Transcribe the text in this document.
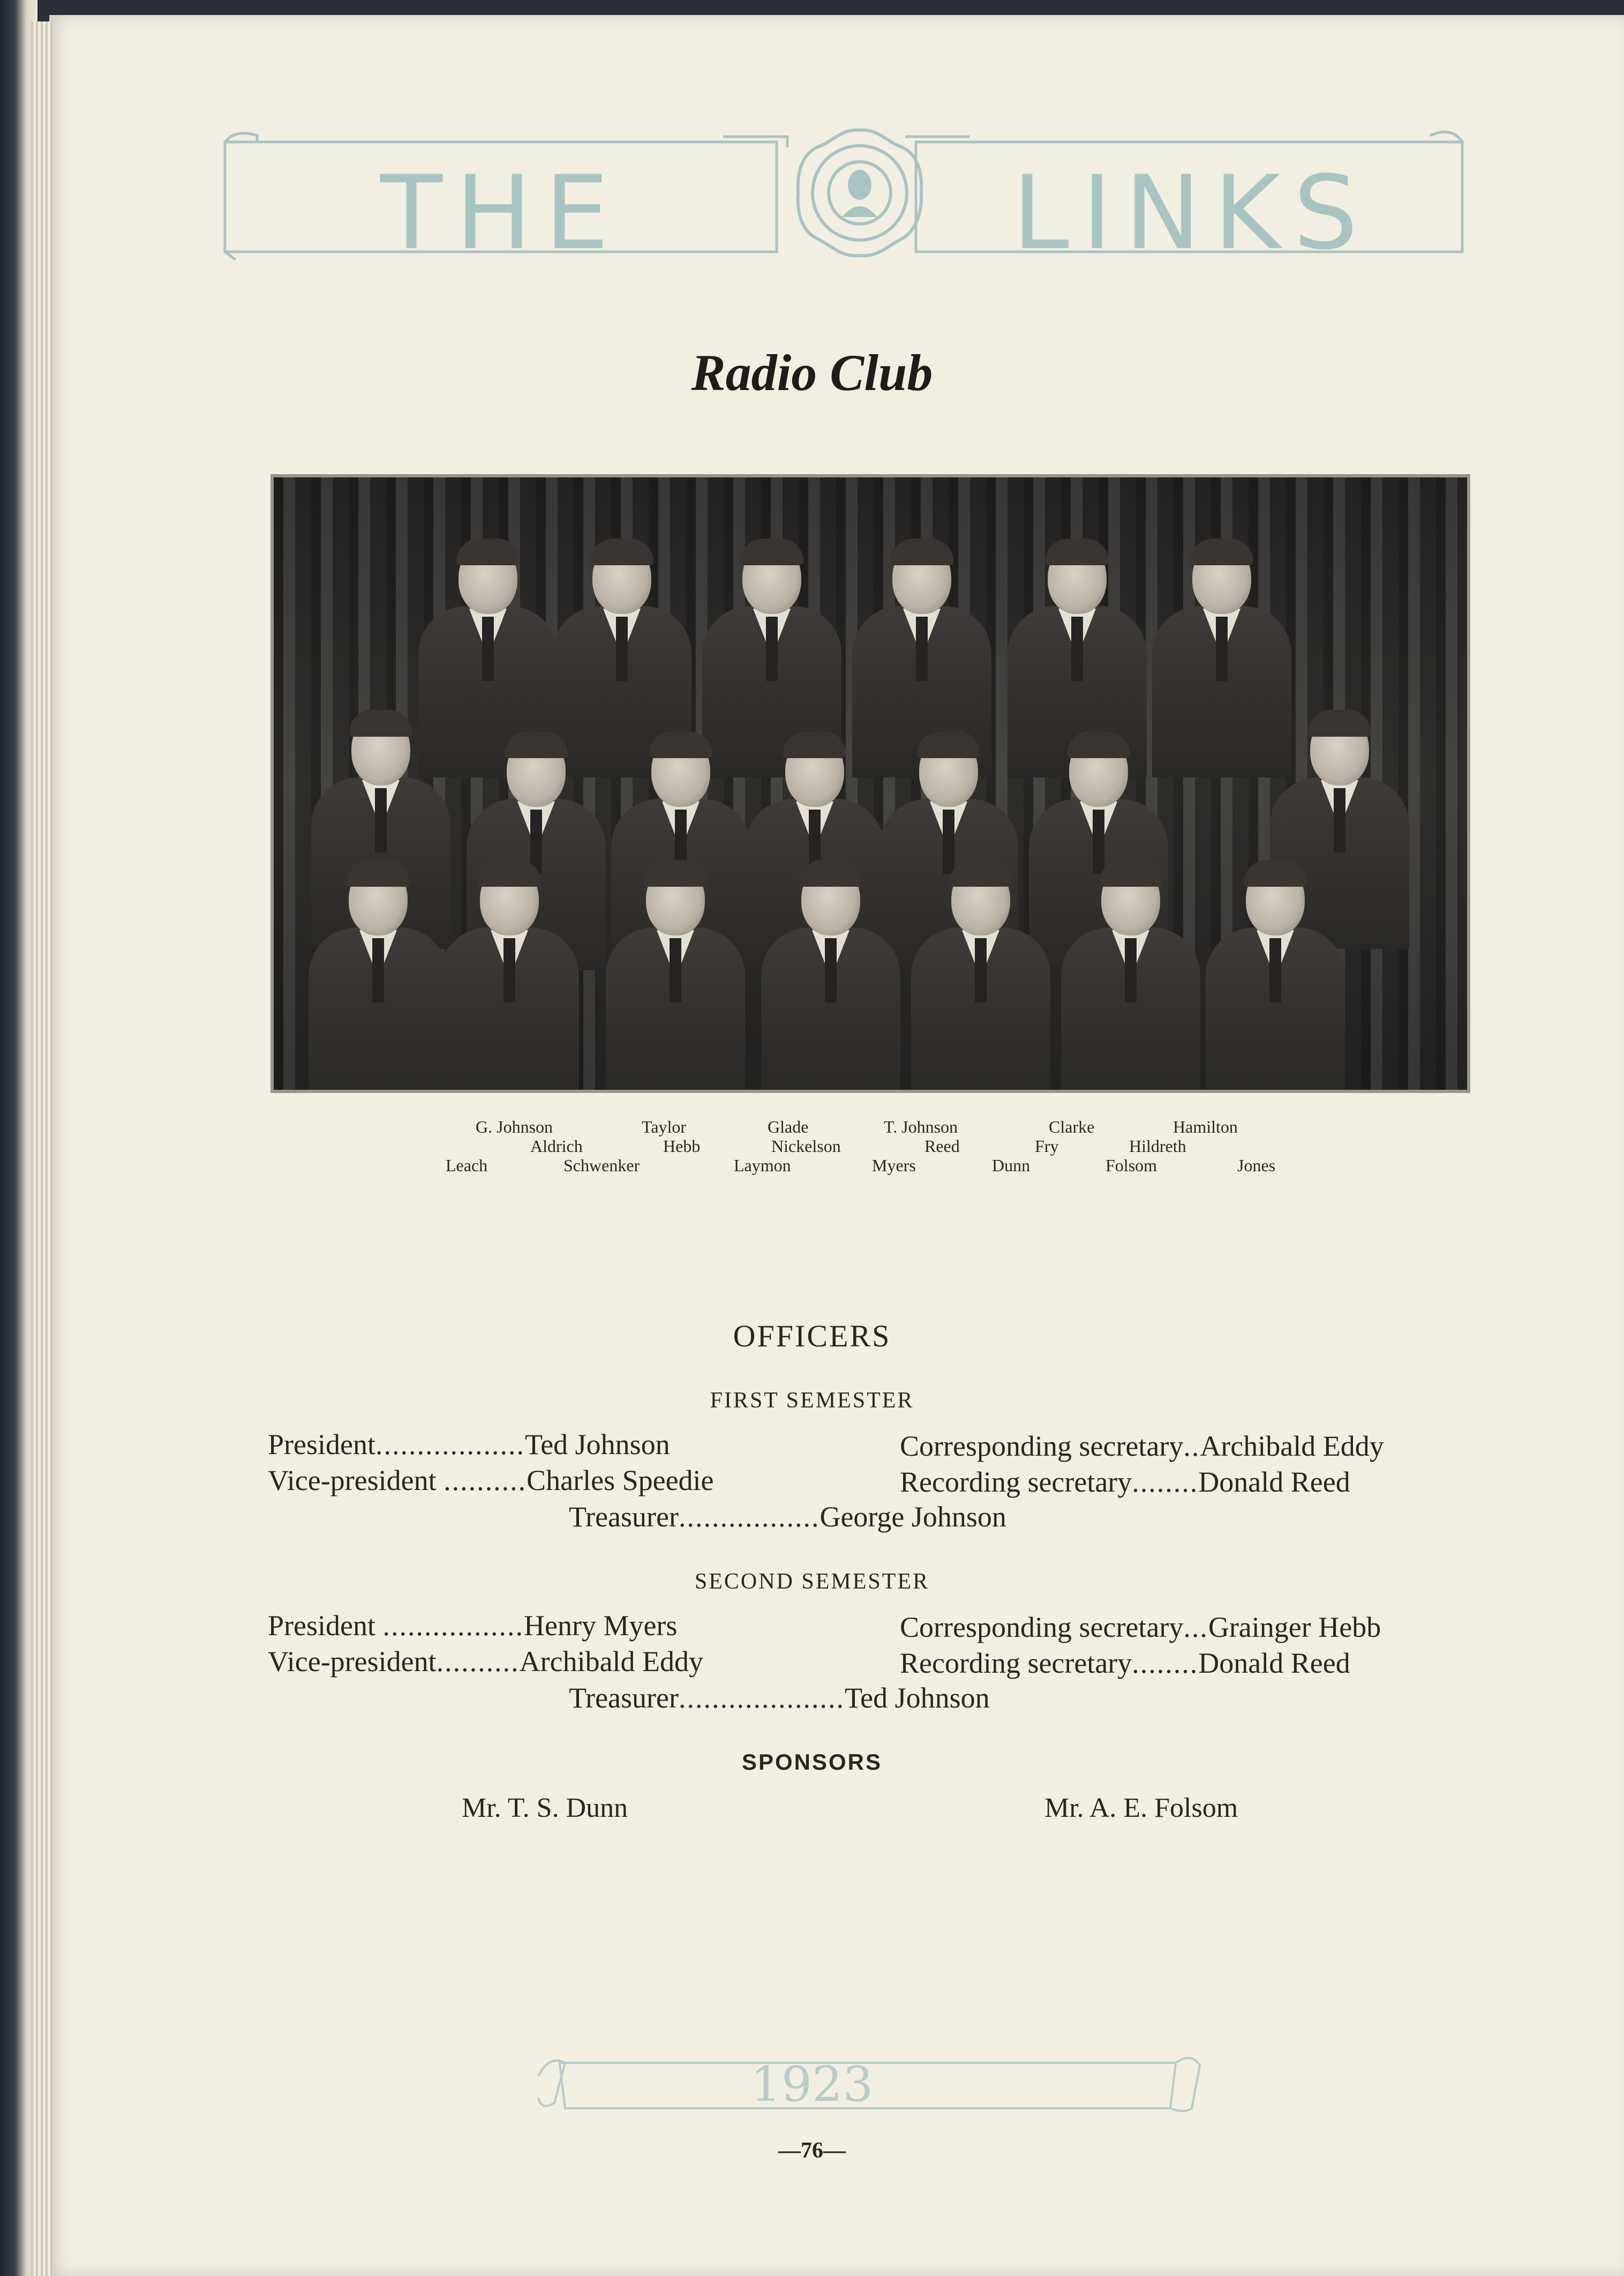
THE	LINKS
Radio Club
G. Johnson	Taylor	Glade	T. Johnson	Clarke	Hamilton
Aldrich	Hebb	Nickelson	Reed	Fry	Hildreth
Leach	Schwenker	Laymon	Myers	Dunn	Folsom	Jones
OFFICERS
FIRST SEMESTER
President..................Ted Johnson
Vice-president ..........Charles Speedie
Corresponding secretary..Archibald Eddy
Recording secretary........Donald Reed
Treasurer.................George Johnson
SECOND SEMESTER
President .................Henry Myers
Vice-president..........Archibald Eddy
Corresponding secretary...Grainger Hebb
Recording secretary........Donald Reed
Treasurer....................Ted Johnson
SPONSORS
Mr. T. S. Dunn	Mr. A. E. Folsom
1923
—76—
